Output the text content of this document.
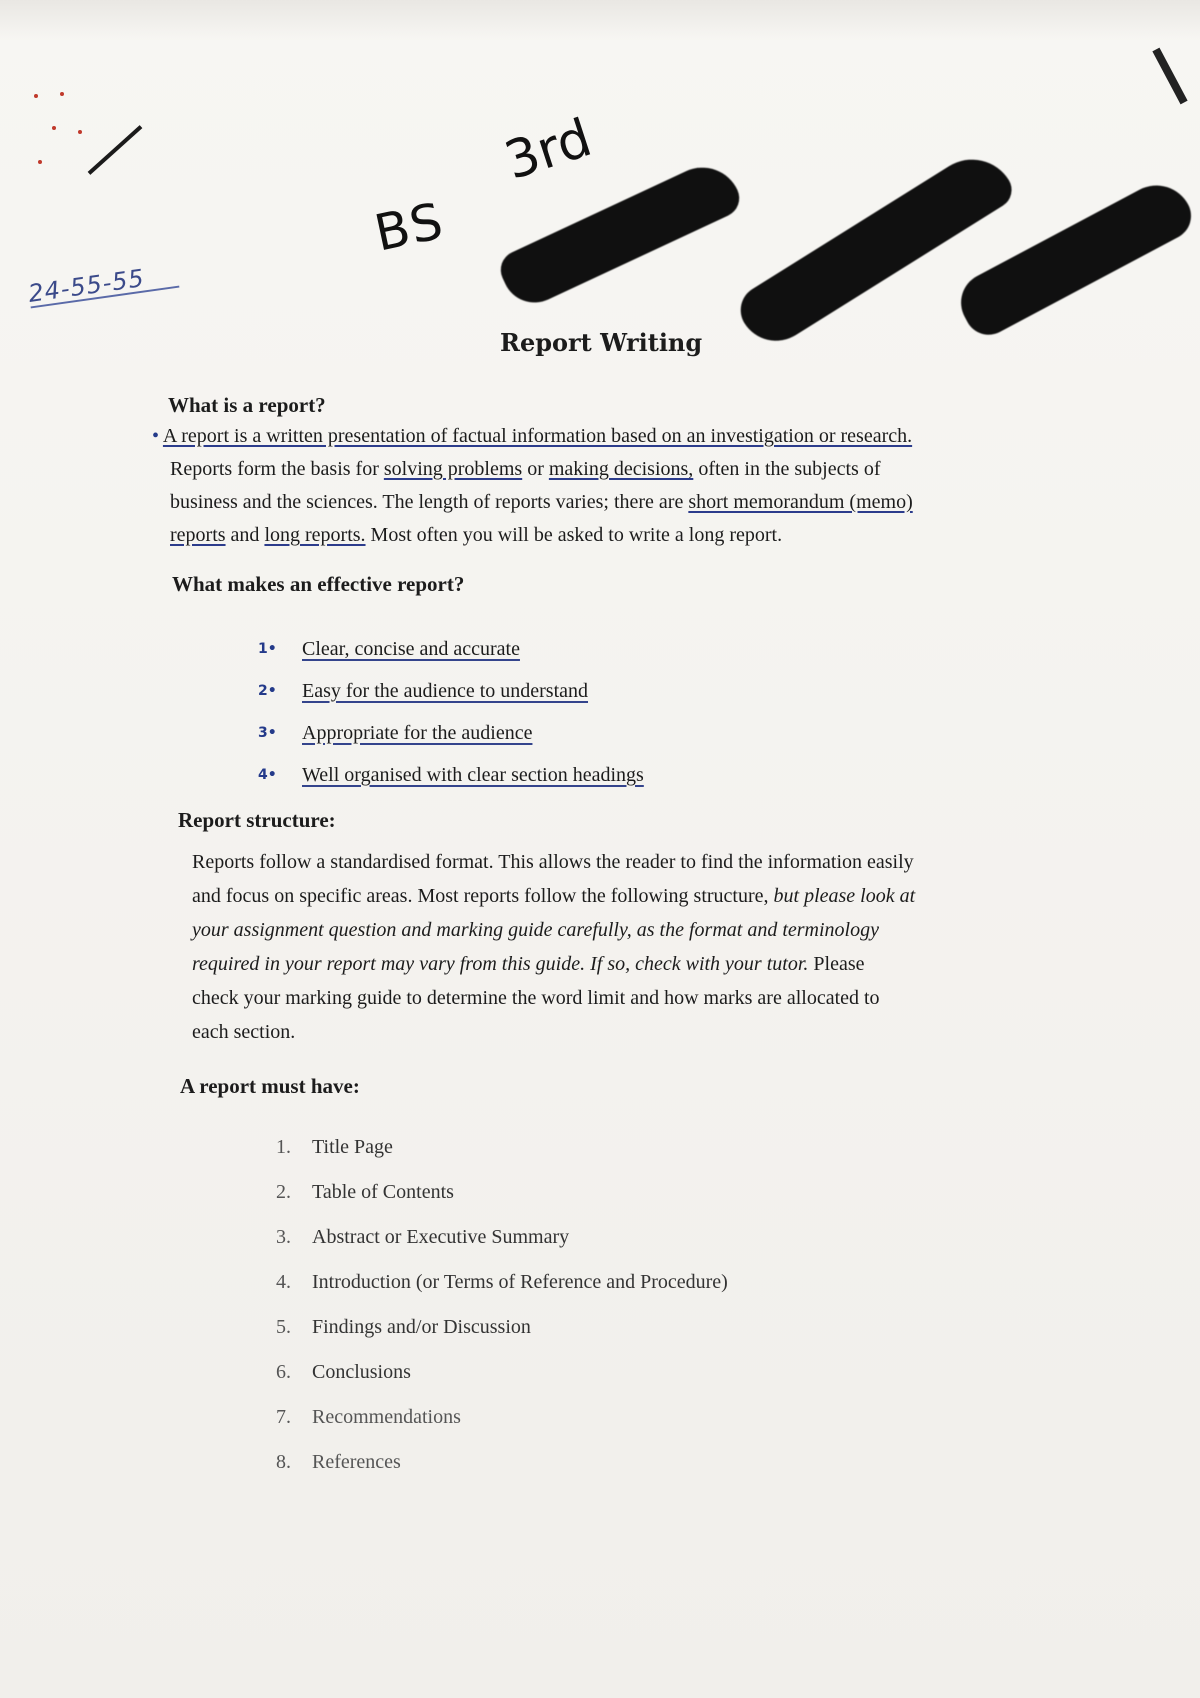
24-55-55
BS
3rd
Report Writing
What is a report?
• A report is a written presentation of factual information based on an investigation or research.
Reports form the basis for solving problems or making decisions, often in the subjects of
business and the sciences. The length of reports varies; there are short memorandum (memo)
reports and long reports. Most often you will be asked to write a long report.
What makes an effective report?
1•	Clear, concise and accurate
2•	Easy for the audience to understand
3•	Appropriate for the audience
4•	Well organised with clear section headings
Report structure:
Reports follow a standardised format. This allows the reader to find the information easily
and focus on specific areas. Most reports follow the following structure, but please look at
your assignment question and marking guide carefully, as the format and terminology
required in your report may vary from this guide. If so, check with your tutor. Please
check your marking guide to determine the word limit and how marks are allocated to
each section.
A report must have:
1.	Title Page
2.	Table of Contents
3.	Abstract or Executive Summary
4.	Introduction (or Terms of Reference and Procedure)
5.	Findings and/or Discussion
6.	Conclusions
7.	Recommendations
8.	References
